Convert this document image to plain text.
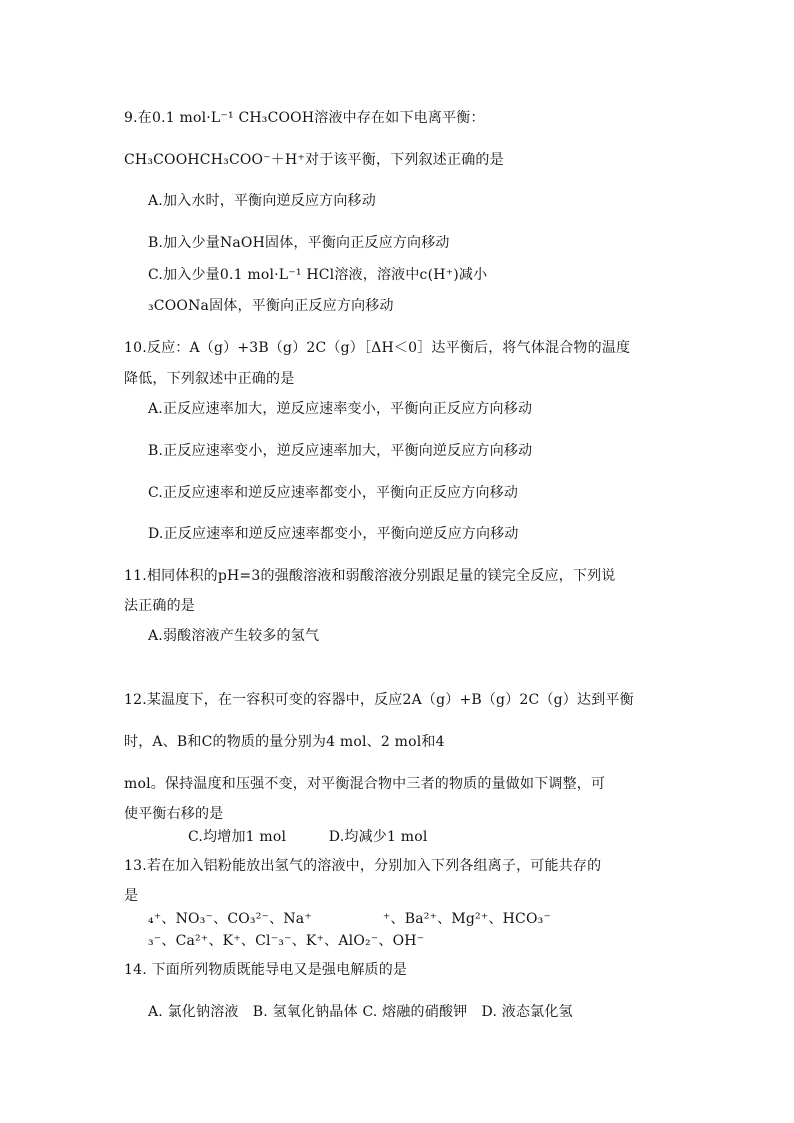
9.在0.1 mol·L⁻¹ CH₃COOH溶液中存在如下电离平衡：
CH₃COOHCH₃COO⁻＋H⁺对于该平衡，下列叙述正确的是
A.加入水时，平衡向逆反应方向移动
B.加入少量NaOH固体，平衡向正反应方向移动
C.加入少量0.1 mol·L⁻¹ HCl溶液，溶液中c(H⁺)减小
₃COONa固体，平衡向正反应方向移动
10.反应：A（g）+3B（g）2C（g）［ΔH＜0］达平衡后，将气体混合物的温度
降低，下列叙述中正确的是
A.正反应速率加大，逆反应速率变小，平衡向正反应方向移动
B.正反应速率变小，逆反应速率加大，平衡向逆反应方向移动
C.正反应速率和逆反应速率都变小，平衡向正反应方向移动
D.正反应速率和逆反应速率都变小，平衡向逆反应方向移动
11.相同体积的pH=3的强酸溶液和弱酸溶液分别跟足量的镁完全反应，下列说
法正确的是
A.弱酸溶液产生较多的氢气
12.某温度下，在一容积可变的容器中，反应2A（g）+B（g）2C（g）达到平衡
时，A、B和C的物质的量分别为4 mol、2 mol和4
mol。保持温度和压强不变，对平衡混合物中三者的物质的量做如下调整，可
使平衡右移的是
C.均增加1 mol　　　D.均减少1 mol
13.若在加入铝粉能放出氢气的溶液中，分别加入下列各组离子，可能共存的
是
₄⁺、NO₃⁻、CO₃²⁻、Na⁺　　　　　⁺、Ba²⁺、Mg²⁺、HCO₃⁻
₃⁻、Ca²⁺、K⁺、Cl⁻₃⁻、K⁺、AlO₂⁻、OH⁻
14. 下面所列物质既能导电又是强电解质的是
A. 氯化钠溶液　B. 氢氧化钠晶体 C. 熔融的硝酸钾　D. 液态氯化氢
